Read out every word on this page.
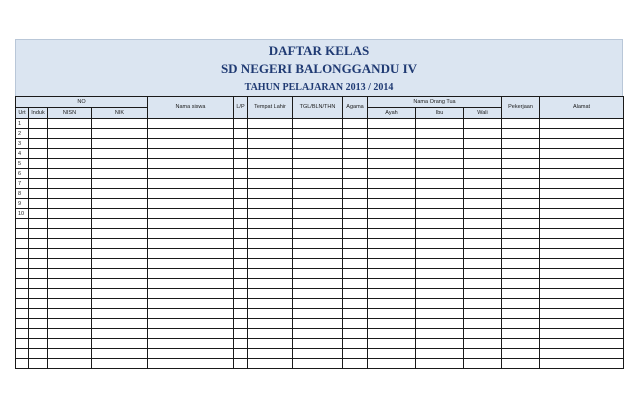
DAFTAR KELAS
SD NEGERI BALONGGANDU IV
TAHUN PELAJARAN 2013 / 2014
NO				Nama siswa	L/P	Tempat Lahir	TGL/BLN/THN	Agama	Nama Orang Tua			Pekerjaan	Alamat
Urt	Induk	NISN	NIK						Ayah	Ibu	Wali		
1													
2													
3													
4													
5													
6													
7													
8													
9													
10													
